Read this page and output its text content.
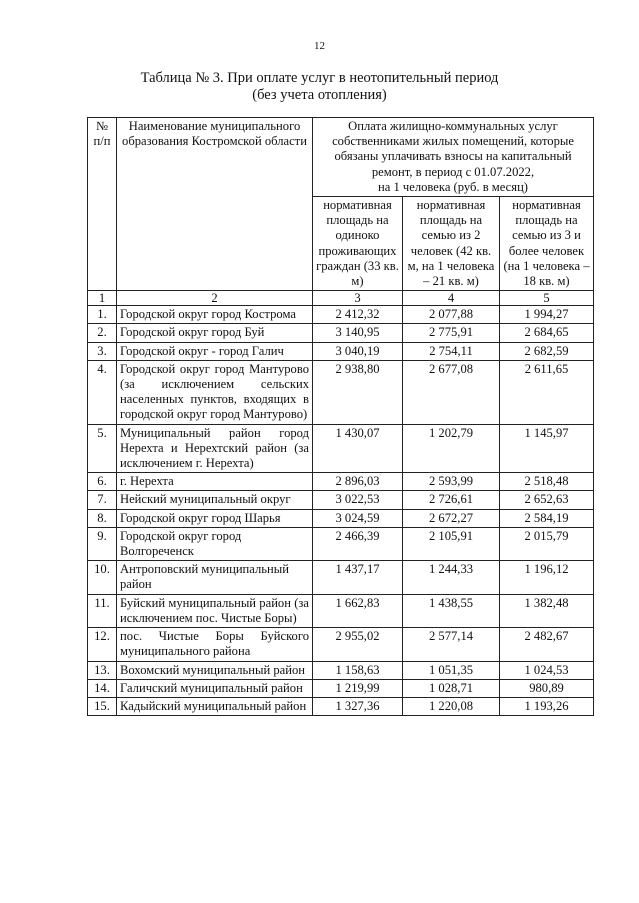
12
Таблица № 3. При оплате услуг в неотопительный период
(без учета отопления)
№ п/п	Наименование муниципального образования Костромской области	Оплата жилищно-коммунальных услуг собственниками жилых помещений, которые обязаны уплачивать взносы на капитальный ремонт, в период с 01.07.2022,
на 1 человека (руб. в месяц)		

		нормативная площадь на одиноко проживающих граждан (33 кв. м)	нормативная площадь на семью из 2 человек (42 кв. м, на 1 человека – 21 кв. м)	нормативная площадь на семью из 3 и более человек (на 1 человека – 18 кв. м)
1	2	3	4	5
1.	Городской округ город Кострома	2 412,32	2 077,88	1 994,27
2.	Городской округ город Буй	3 140,95	2 775,91	2 684,65
3.	Городской округ - город Галич	3 040,19	2 754,11	2 682,59
4.	Городской округ город Мантурово (за исключением сельских населенных пунктов, входящих в городской округ город Мантурово)	2 938,80	2 677,08	2 611,65
5.	Муниципальный район город Нерехта и Нерехтский район (за исключением г. Нерехта)	1 430,07	1 202,79	1 145,97
6.	г. Нерехта	2 896,03	2 593,99	2 518,48
7.	Нейский муниципальный округ	3 022,53	2 726,61	2 652,63
8.	Городской округ город Шарья	3 024,59	2 672,27	2 584,19
9.	Городской округ город Волгореченск	2 466,39	2 105,91	2 015,79
10.	Антроповский муниципальный район	1 437,17	1 244,33	1 196,12
11.	Буйский муниципальный район (за исключением пос. Чистые Боры)	1 662,83	1 438,55	1 382,48
12.	пос. Чистые Боры Буйского муниципального района	2 955,02	2 577,14	2 482,67
13.	Вохомский муниципальный район	1 158,63	1 051,35	1 024,53
14.	Галичский муниципальный район	1 219,99	1 028,71	980,89
15.	Кадыйский муниципальный район	1 327,36	1 220,08	1 193,26
